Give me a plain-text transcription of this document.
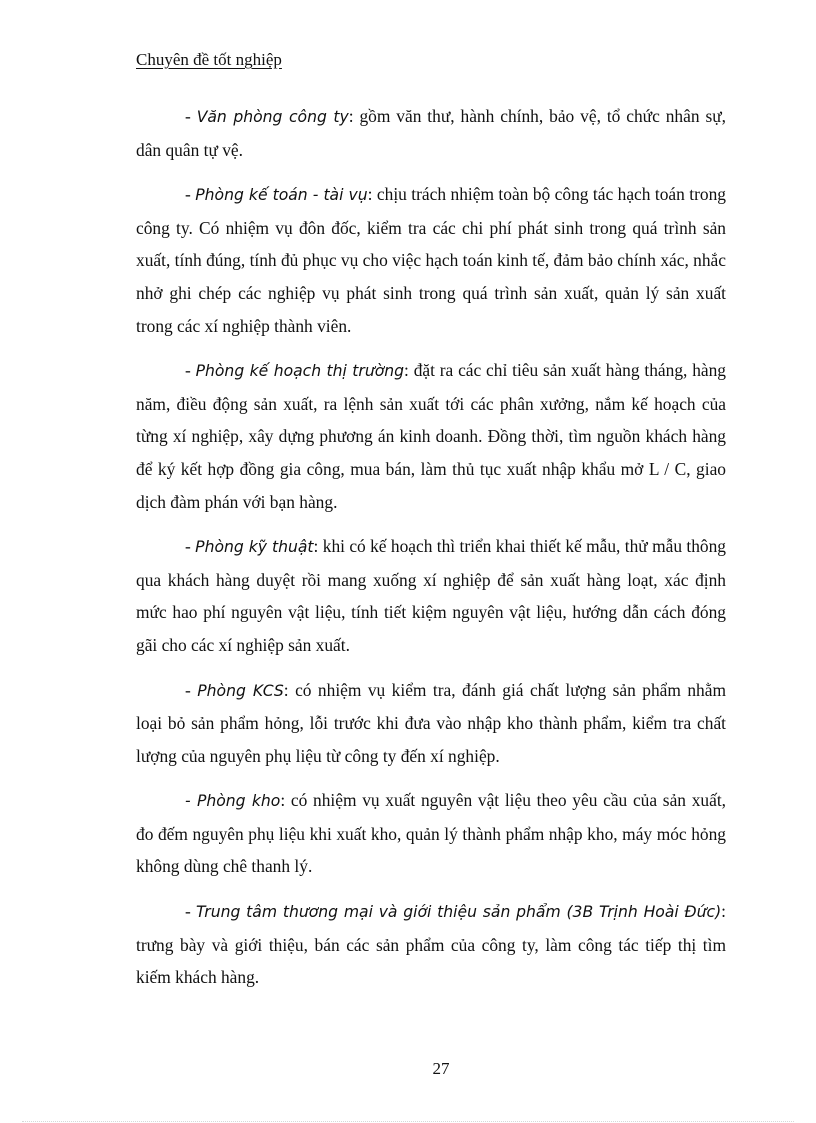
Chuyên đề tốt nghiệp

- Văn phòng công ty: gồm văn thư, hành chính, bảo vệ, tổ chức nhân sự, dân quân tự vệ.

- Phòng kế toán - tài vụ: chịu trách nhiệm toàn bộ công tác hạch toán trong công ty. Có nhiệm vụ đôn đốc, kiểm tra các chi phí phát sinh trong quá trình sản xuất, tính đúng, tính đủ phục vụ cho việc hạch toán kinh tế, đảm bảo chính xác, nhắc nhở ghi chép các nghiệp vụ phát sinh trong quá trình sản xuất, quản lý sản xuất trong các xí nghiệp thành viên.

- Phòng kế hoạch thị trường: đặt ra các chỉ tiêu sản xuất hàng tháng, hàng năm, điều động sản xuất, ra lệnh sản xuất tới các phân xưởng, nắm kế hoạch của từng xí nghiệp, xây dựng phương án kinh doanh. Đồng thời, tìm nguồn khách hàng để ký kết hợp đồng gia công, mua bán, làm thủ tục xuất nhập khẩu mở L / C, giao dịch đàm phán với bạn hàng.

- Phòng kỹ thuật: khi có kế hoạch thì triển khai thiết kế mẫu, thử mẫu thông qua khách hàng duyệt rồi mang xuống xí nghiệp để sản xuất hàng loạt, xác định mức hao phí nguyên vật liệu, tính tiết kiệm nguyên vật liệu, hướng dẫn cách đóng gãi cho các xí nghiệp sản xuất.

- Phòng KCS: có nhiệm vụ kiểm tra, đánh giá chất lượng sản phẩm nhằm loại bỏ sản phẩm hỏng, lỗi trước khi đưa vào nhập kho thành phẩm, kiểm tra chất lượng của nguyên phụ liệu từ công ty đến xí nghiệp.

- Phòng kho: có nhiệm vụ xuất nguyên vật liệu theo yêu cầu của sản xuất, đo đếm nguyên phụ liệu khi xuất kho, quản lý thành phẩm nhập kho, máy móc hỏng không dùng chê thanh lý.

- Trung tâm thương mại và giới thiệu sản phẩm (3B Trịnh Hoài Đức): trưng bày và giới thiệu, bán các sản phẩm của công ty, làm công tác tiếp thị tìm kiếm khách hàng.

27
